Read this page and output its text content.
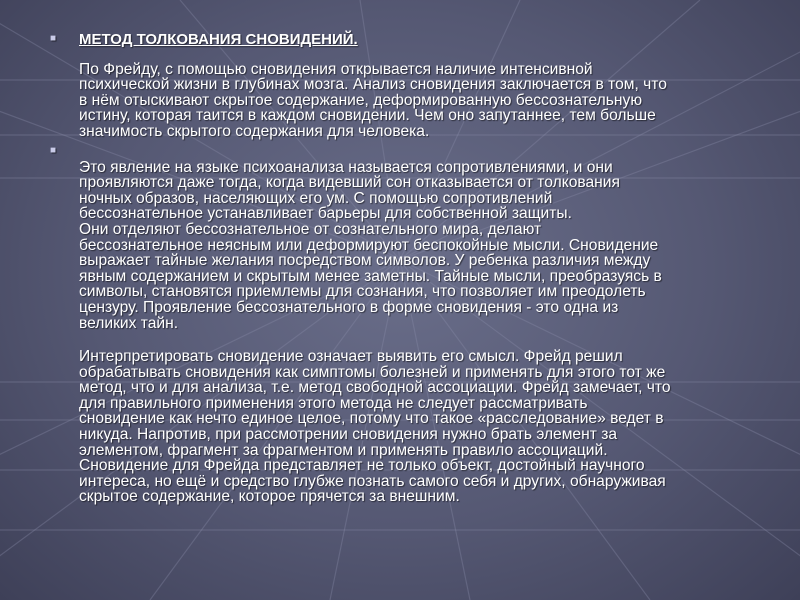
■ МЕТОД ТОЛКОВАНИЯ СНОВИДЕНИЙ.
По Фрейду, с помощью сновидения открывается наличие интенсивной
психической жизни в глубинах мозга. Анализ сновидения заключается в том, что
в нём отыскивают скрытое содержание, деформированную бессознательную
истину, которая таится в каждом сновидении. Чем оно запутаннее, тем больше
значимость скрытого содержания для человека.
■
Это явление на языке психоанализа называется сопротивлениями, и они
проявляются даже тогда, когда видевший сон отказывается от толкования
ночных образов, населяющих его ум. С помощью сопротивлений
бессознательное устанавливает барьеры для собственной защиты.
Они отделяют бессознательное от сознательного мира, делают
бессознательное неясным или деформируют беспокойные мысли. Сновидение
выражает тайные желания посредством символов. У ребенка различия между
явным содержанием и скрытым менее заметны. Тайные мысли, преобразуясь в
символы, становятся приемлемы для сознания, что позволяет им преодолеть
цензуру. Проявление бессознательного в форме сновидения - это одна из
великих тайн.
Интерпретировать сновидение означает выявить его смысл. Фрейд решил
обрабатывать сновидения как симптомы болезней и применять для этого тот же
метод, что и для анализа, т.е. метод свободной ассоциации. Фрейд замечает, что
для правильного применения этого метода не следует рассматривать
сновидение как нечто единое целое, потому что такое «расследование» ведет в
никуда. Напротив, при рассмотрении сновидения нужно брать элемент за
элементом, фрагмент за фрагментом и применять правило ассоциаций.
Сновидение для Фрейда представляет не только объект, достойный научного
интереса, но ещё и средство глубже познать самого себя и других, обнаруживая
скрытое содержание, которое прячется за внешним.
